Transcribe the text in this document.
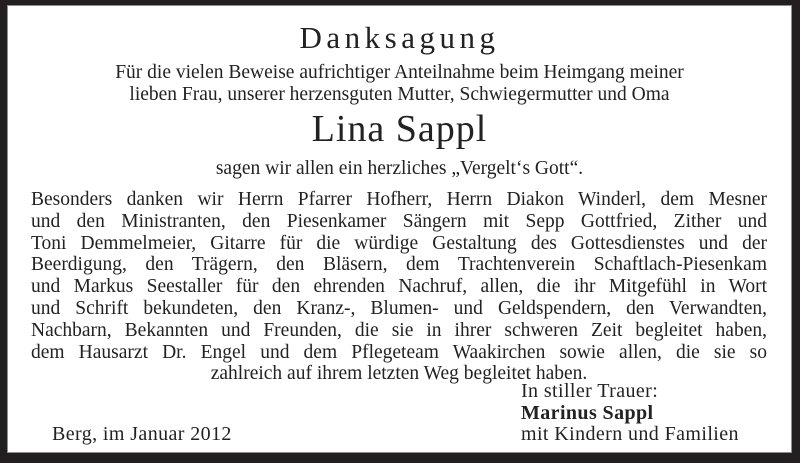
Danksagung
Für die vielen Beweise aufrichtiger Anteilnahme beim Heimgang meiner
lieben Frau, unserer herzensguten Mutter, Schwiegermutter und Oma
Lina Sappl
sagen wir allen ein herzliches „Vergelt‘s Gott“.
Besonders danken wir Herrn Pfarrer Hofherr, Herrn Diakon Winderl, dem Mesner
und den Ministranten, den Piesenkamer Sängern mit Sepp Gottfried, Zither und
Toni Demmelmeier, Gitarre für die würdige Gestaltung des Gottesdienstes und der
Beerdigung, den Trägern, den Bläsern, dem Trachtenverein Schaftlach-Piesenkam
und Markus Seestaller für den ehrenden Nachruf, allen, die ihr Mitgefühl in Wort
und Schrift bekundeten, den Kranz-, Blumen- und Geldspendern, den Verwandten,
Nachbarn, Bekannten und Freunden, die sie in ihrer schweren Zeit begleitet haben,
dem Hausarzt Dr. Engel und dem Pflegeteam Waakirchen sowie allen, die sie so
zahlreich auf ihrem letzten Weg begleitet haben.
In stiller Trauer:
Marinus Sappl
mit Kindern und Familien
Berg, im Januar 2012
